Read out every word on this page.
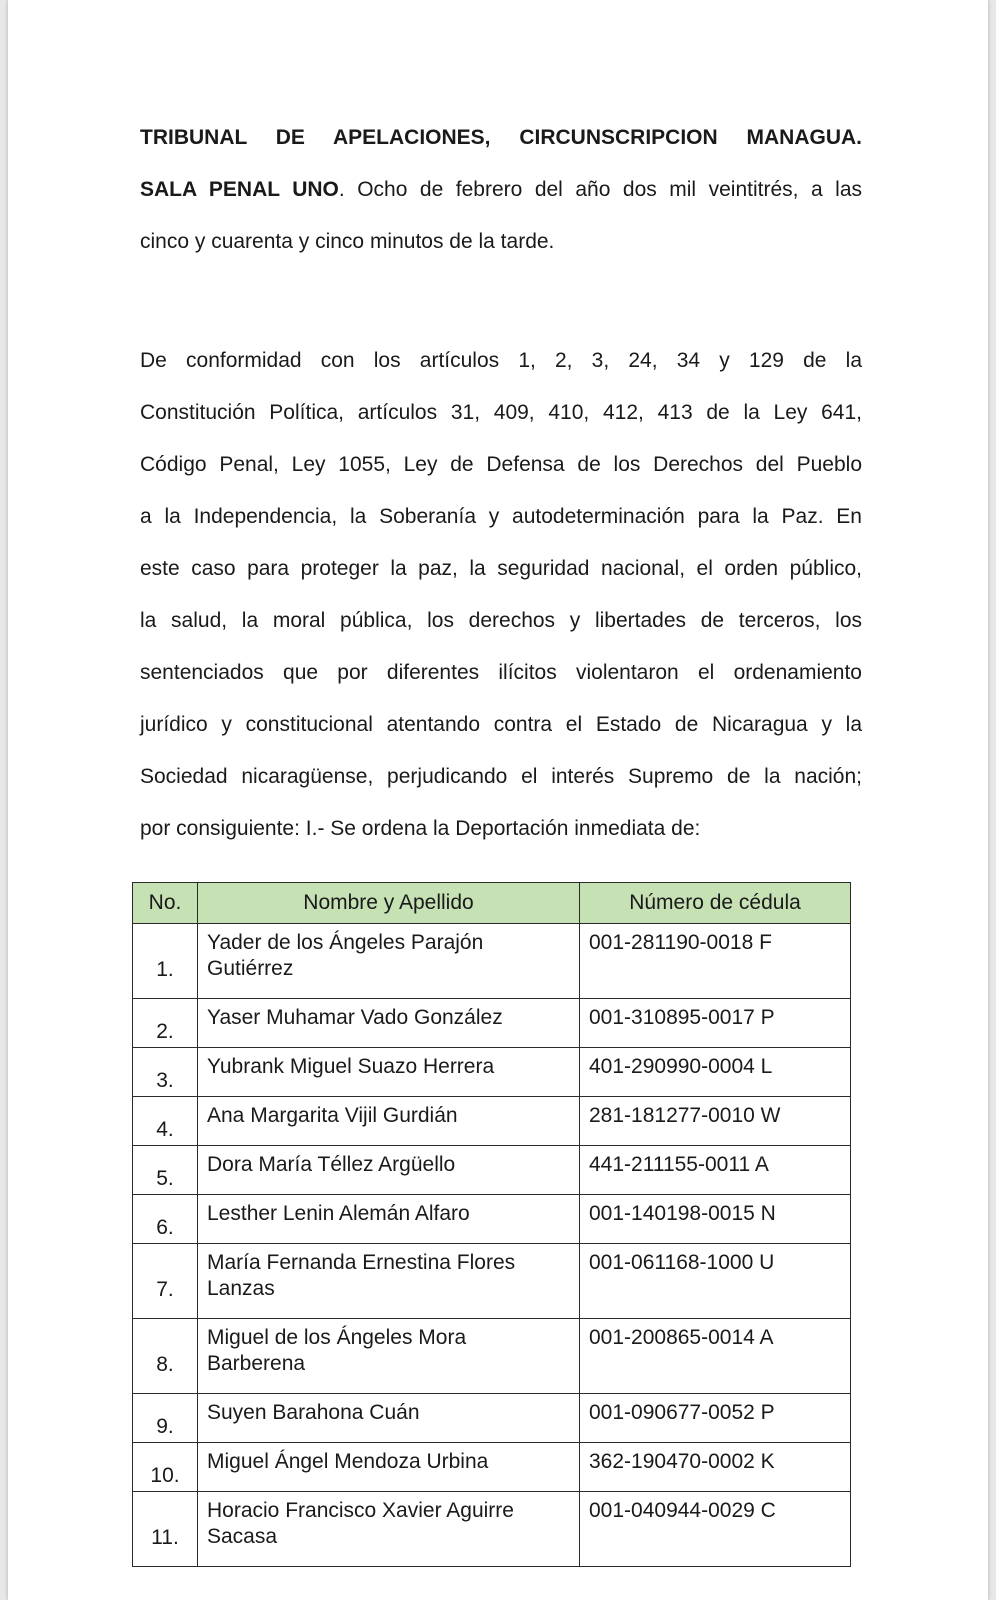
TRIBUNAL DE APELACIONES, CIRCUNSCRIPCION MANAGUA.
SALA PENAL UNO. Ocho de febrero del año dos mil veintitrés, a las
cinco y cuarenta y cinco minutos de la tarde.
De conformidad con los artículos 1, 2, 3, 24, 34 y 129 de la
Constitución Política, artículos 31, 409, 410, 412, 413 de la Ley 641,
Código Penal, Ley 1055, Ley de Defensa de los Derechos del Pueblo
a la Independencia, la Soberanía y autodeterminación para la Paz. En
este caso para proteger la paz, la seguridad nacional, el orden público,
la salud, la moral pública, los derechos y libertades de terceros, los
sentenciados que por diferentes ilícitos violentaron el ordenamiento
jurídico y constitucional atentando contra el Estado de Nicaragua y la
Sociedad nicaragüense, perjudicando el interés Supremo de la nación;
por consiguiente: I.- Se ordena la Deportación inmediata de:
No.	Nombre y Apellido	Número de cédula
1.	Yader de los Ángeles Parajón Gutiérrez	001-281190-0018 F
2.	Yaser Muhamar Vado González	001-310895-0017 P
3.	Yubrank Miguel Suazo Herrera	401-290990-0004 L
4.	Ana Margarita Vijil Gurdián	281-181277-0010 W
5.	Dora María Téllez Argüello	441-211155-0011 A
6.	Lesther Lenin Alemán Alfaro	001-140198-0015 N
7.	María Fernanda Ernestina Flores Lanzas	001-061168-1000 U
8.	Miguel de los Ángeles Mora Barberena	001-200865-0014 A
9.	Suyen Barahona Cuán	001-090677-0052 P
10.	Miguel Ángel Mendoza Urbina	362-190470-0002 K
11.	Horacio Francisco Xavier Aguirre Sacasa	001-040944-0029 C
